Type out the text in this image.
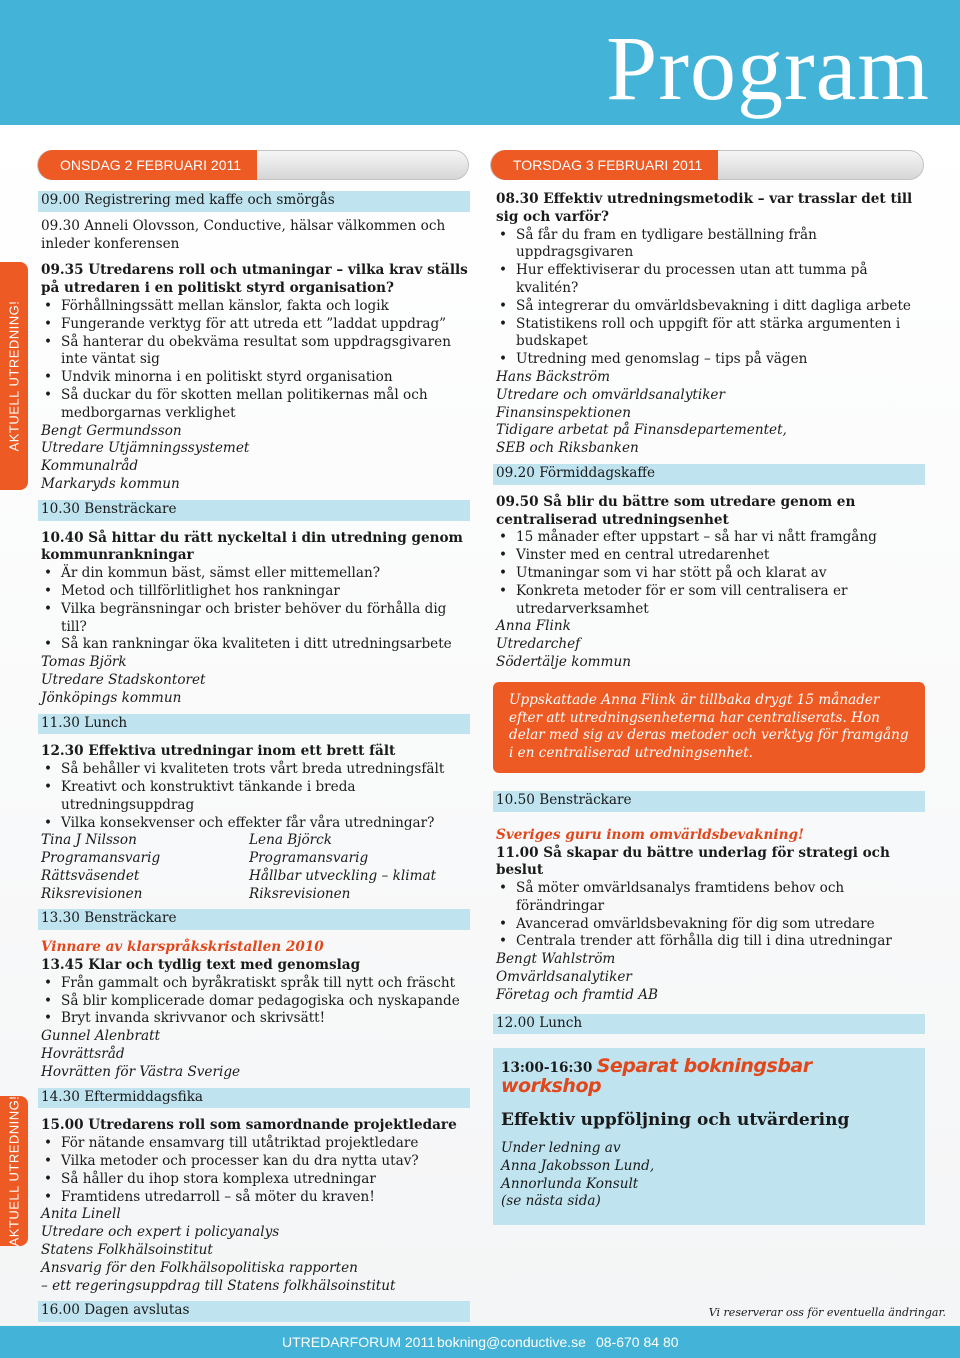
Program
AKTUELL UTREDNING!
AKTUELL UTREDNING!
ONSDAG 2 FEBRUARI 2011	TORSDAG 3 FEBRUARI 2011

09.00 Registrering med kaffe och smörgås

09.30 Anneli Olovsson, Conductive, hälsar välkommen och inleder konferensen

09.35 Utredarens roll och utmaningar – vilka krav ställs på utredaren i en politiskt styrd organisation?

• Förhållningssätt mellan känslor, fakta och logik
• Fungerande verktyg för att utreda ett ”laddat uppdrag”
• Så hanterar du obekväma resultat som uppdragsgivaren inte väntat sig
• Undvik minorna i en politiskt styrd organisation
• Så duckar du för skotten mellan politikernas mål och medborgarnas verklighet

Bengt Germundsson

Utredare Utjämningssystemet

Kommunalråd

Markaryds kommun

10.30 Bensträckare

10.40 Så hittar du rätt nyckeltal i din utredning genom kommunrankningar

• Är din kommun bäst, sämst eller mittemellan?
• Metod och tillförlitlighet hos rankningar
• Vilka begränsningar och brister behöver du förhålla dig till?
• Så kan rankningar öka kvaliteten i ditt utredningsarbete

Tomas Björk

Utredare Stadskontoret

Jönköpings kommun

11.30 Lunch

12.30 Effektiva utredningar inom ett brett fält

• Så behåller vi kvaliteten trots vårt breda utredningsfält
• Kreativt och konstruktivt tänkande i breda utredningsuppdrag
• Vilka konsekvenser och effekter får våra utredningar?

Tina J Nilsson

Programansvarig

Rättsväsendet

Riksrevisionen

Lena Björck

Programansvarig

Hållbar utveckling – klimat

Riksrevisionen

13.30 Bensträckare

Vinnare av klarspråkskristallen 2010

13.45 Klar och tydlig text med genomslag

• Från gammalt och byråkratiskt språk till nytt och fräscht
• Så blir komplicerade domar pedagogiska och nyskapande
• Bryt invanda skrivvanor och skrivsätt!

Gunnel Alenbratt

Hovrättsråd

Hovrätten för Västra Sverige

14.30 Eftermiddagsfika

15.00 Utredarens roll som samordnande projektledare

• För nätande ensamvarg till utåtriktad projektledare
• Vilka metoder och processer kan du dra nytta utav?
• Så håller du ihop stora komplexa utredningar
• Framtidens utredarroll – så möter du kraven!

Anita Linell

Utredare och expert i policyanalys

Statens Folkhälsoinstitut

Ansvarig för den Folkhälsopolitiska rapporten

– ett regeringsuppdrag till Statens folkhälsoinstitut

16.00 Dagen avslutas

08.30 Effektiv utredningsmetodik – var trasslar det till sig och varför?

• Så får du fram en tydligare beställning från uppdragsgivaren
• Hur effektiviserar du processen utan att tumma på kvalitén?
• Så integrerar du omvärldsbevakning i ditt dagliga arbete
• Statistikens roll och uppgift för att stärka argumenten i budskapet
• Utredning med genomslag – tips på vägen

Hans Bäckström

Utredare och omvärldsanalytiker

Finansinspektionen

Tidigare arbetat på Finansdepartementet,

SEB och Riksbanken

09.20 Förmiddagskaffe

09.50 Så blir du bättre som utredare genom en centraliserad utredningsenhet

• 15 månader efter uppstart – så har vi nått framgång
• Vinster med en central utredarenhet
• Utmaningar som vi har stött på och klarat av
• Konkreta metoder för er som vill centralisera er utredarverksamhet

Anna Flink

Utredarchef

Södertälje kommun

Uppskattade Anna Flink är tillbaka drygt 15 månader efter att utredningsenheterna har centraliserats. Hon delar med sig av deras metoder och verktyg för framgång i en centraliserad utredningsenhet.

10.50 Bensträckare

Sveriges guru inom omvärldsbevakning!

11.00 Så skapar du bättre underlag för strategi och beslut

• Så möter omvärldsanalys framtidens behov och förändringar
• Avancerad omvärldsbevakning för dig som utredare
• Centrala trender att förhålla dig till i dina utredningar

Bengt Wahlström

Omvärldsanalytiker

Företag och framtid AB

12.00 Lunch

13:00-16:30 Separat bokningsbar workshop

Effektiv uppföljning och utvärdering

Under ledning av

Anna Jakobsson Lund,

Annorlunda Konsult

(se nästa sida)

Vi reserverar oss för eventuella ändringar.
UTREDARFORUM 2011 bokning@conductive.se 08-670 84 80
